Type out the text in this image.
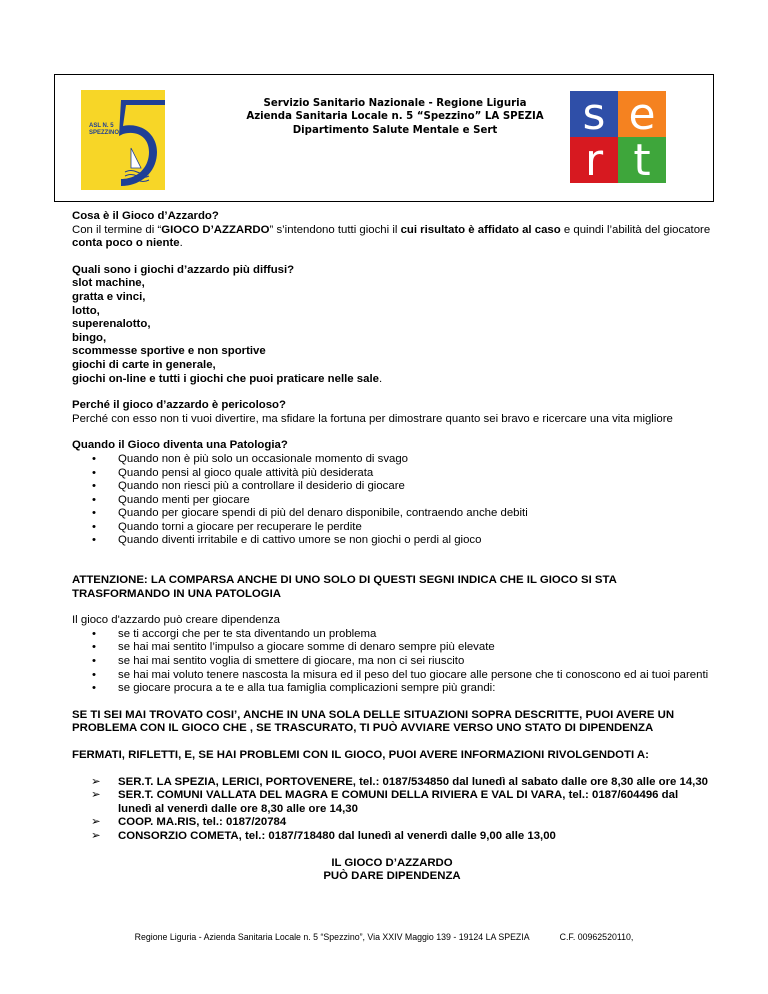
ASL N. 5
SPEZZINO
Servizio Sanitario Nazionale - Regione Liguria
Azienda Sanitaria Locale n. 5 “Spezzino” LA SPEZIA
Dipartimento Salute Mentale e Sert	s e
r t

Cosa è il Gioco d’Azzardo?
Con il termine di “GIOCO D’AZZARDO” s’intendono tutti giochi il cui risultato è affidato al caso e quindi l’abilità del giocatore conta poco o niente.

Quali sono i giochi d’azzardo più diffusi?
slot machine,
gratta e vinci,
lotto,
superenalotto,
bingo,
scommesse sportive e non sportive
giochi di carte in generale,
giochi on-line e tutti i giochi che puoi praticare nelle sale.

Perché il gioco d’azzardo è pericoloso?
Perché con esso non ti vuoi divertire, ma sfidare la fortuna per dimostrare quanto sei bravo e ricercare una vita migliore

Quando il Gioco diventa una Patologia?
• Quando non è più solo un occasionale momento di svago
• Quando pensi al gioco quale attività più desiderata
• Quando non riesci più a controllare il desiderio di giocare
• Quando menti per giocare
• Quando per giocare spendi di più del denaro disponibile, contraendo anche debiti
• Quando torni a giocare per recuperare le perdite
• Quando diventi irritabile e di cattivo umore se non giochi o perdi al gioco

ATTENZIONE: LA COMPARSA ANCHE DI UNO SOLO DI QUESTI SEGNI INDICA CHE IL GIOCO SI STA TRASFORMANDO IN UNA PATOLOGIA

Il gioco d'azzardo può creare dipendenza
• se ti accorgi che per te sta diventando un problema
• se hai mai sentito l’impulso a giocare somme di denaro sempre più elevate
• se hai mai sentito voglia di smettere di giocare, ma non ci sei riuscito
• se hai mai voluto tenere nascosta la misura ed il peso del tuo giocare alle persone che ti conoscono ed ai tuoi parenti
• se giocare procura a te e alla tua famiglia complicazioni sempre più grandi:

SE TI SEI MAI TROVATO COSI’, ANCHE IN UNA SOLA DELLE SITUAZIONI SOPRA DESCRITTE, PUOI AVERE UN PROBLEMA CON IL GIOCO CHE , SE TRASCURATO, TI PUÒ AVVIARE VERSO UNO STATO DI DIPENDENZA

FERMATI, RIFLETTI, E, SE HAI PROBLEMI CON IL GIOCO, PUOI AVERE INFORMAZIONI RIVOLGENDOTI A:

➢ SER.T. LA SPEZIA, LERICI, PORTOVENERE, tel.: 0187/534850 dal lunedì al sabato dalle ore 8,30 alle ore 14,30
➢ SER.T. COMUNI VALLATA DEL MAGRA E COMUNI DELLA RIVIERA E VAL DI VARA, tel.: 0187/604496 dal lunedì al venerdì dalle ore 8,30 alle ore 14,30
➢ COOP. MA.RIS, tel.: 0187/20784
➢ CONSORZIO COMETA, tel.: 0187/718480 dal lunedì al venerdì dalle 9,00 alle 13,00
IL GIOCO D’AZZARDO
PUÒ DARE DIPENDENZA
Regione Liguria - Azienda Sanitaria Locale n. 5 “Spezzino”, Via XXIV Maggio 139 - 19124 LA SPEZIA	C.F. 00962520110,
